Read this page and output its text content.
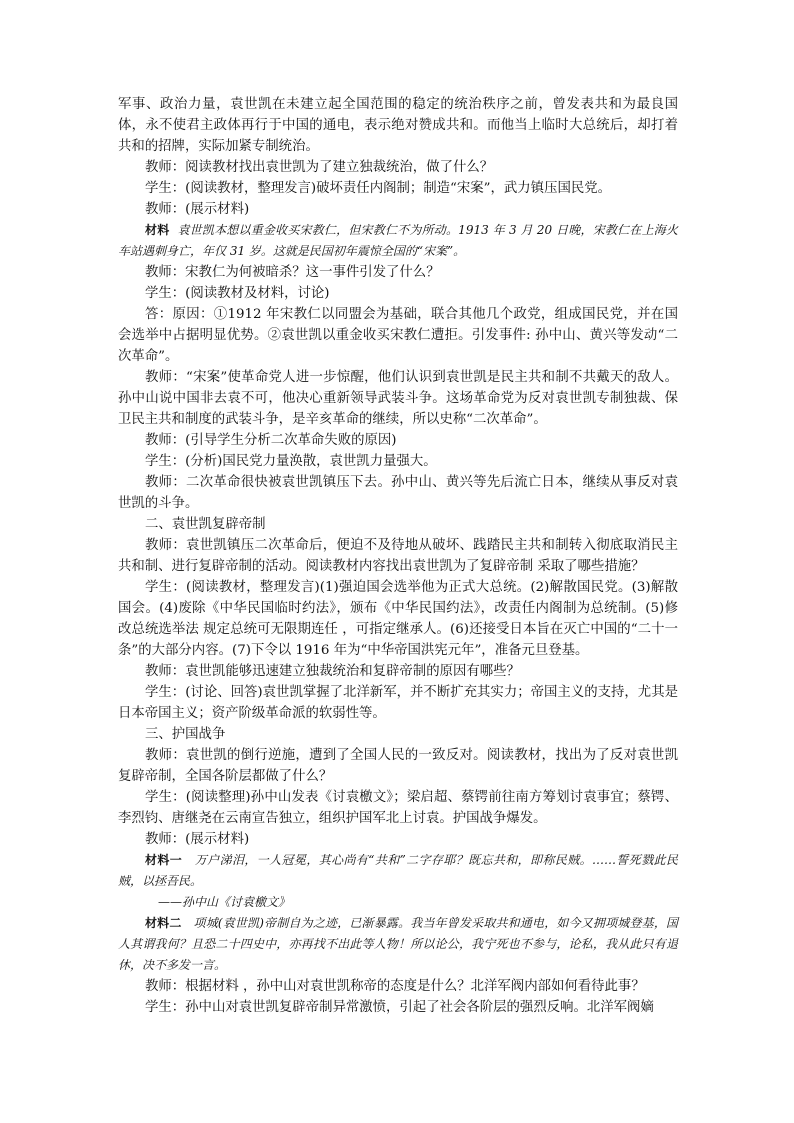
军事、政治力量，袁世凯在未建立起全国范围的稳定的统治秩序之前，曾发表共和为最良国体，永不使君主政体再行于中国的通电，表示绝对赞成共和。而他当上临时大总统后，却打着共和的招牌，实际加紧专制统治。

教师：阅读教材找出袁世凯为了建立独裁统治，做了什么？

学生：(阅读教材，整理发言)破坏责任内阁制；制造“宋案”，武力镇压国民党。

教师：(展示材料)

材料 袁世凯本想以重金收买宋教仁，但宋教仁不为所动。1913 年 3 月 20 日晚，宋教仁在上海火车站遇刺身亡，年仅 31 岁。这就是民国初年震惊全国的“宋案”。

教师：宋教仁为何被暗杀？这一事件引发了什么？

学生：(阅读教材及材料，讨论)

答：原因：①1912 年宋教仁以同盟会为基础，联合其他几个政党，组成国民党，并在国会选举中占据明显优势。②袁世凯以重金收买宋教仁遭拒。引发事件: 孙中山、黄兴等发动“二次革命”。

教师：“宋案”使革命党人进一步惊醒，他们认识到袁世凯是民主共和制不共戴天的敌人。孙中山说中国非去袁不可，他决心重新领导武装斗争。这场革命党为反对袁世凯专制独裁、保卫民主共和制度的武装斗争，是辛亥革命的继续，所以史称“二次革命”。

教师：(引导学生分析二次革命失败的原因)

学生：(分析)国民党力量涣散，袁世凯力量强大。

教师：二次革命很快被袁世凯镇压下去。孙中山、黄兴等先后流亡日本，继续从事反对袁世凯的斗争。

二、袁世凯复辟帝制

教师：袁世凯镇压二次革命后，便迫不及待地从破坏、践踏民主共和制转入彻底取消民主共和制、进行复辟帝制的活动。阅读教材内容找出袁世凯为了复辟帝制 采取了哪些措施？

学生：(阅读教材，整理发言)(1)强迫国会选举他为正式大总统。(2)解散国民党。(3)解散国会。(4)废除《中华民国临时约法》，颁布《中华民国约法》，改责任内阁制为总统制。(5)修改总统选举法 规定总统可无限期连任 ，可指定继承人。(6)还接受日本旨在灭亡中国的“二十一条”的大部分内容。(7)下令以 1916 年为“中华帝国洪宪元年”，准备元旦登基。

教师：袁世凯能够迅速建立独裁统治和复辟帝制的原因有哪些？

学生：(讨论、回答)袁世凯掌握了北洋新军，并不断扩充其实力；帝国主义的支持，尤其是日本帝国主义；资产阶级革命派的软弱性等。

三、护国战争

教师：袁世凯的倒行逆施，遭到了全国人民的一致反对。阅读教材，找出为了反对袁世凯复辟帝制，全国各阶层都做了什么？

学生：(阅读整理)孙中山发表《讨袁檄文》；梁启超、蔡锷前往南方筹划讨袁事宜；蔡锷、李烈钧、唐继尧在云南宣告独立，组织护国军北上讨袁。护国战争爆发。

教师：(展示材料)

材料一 万户涕泪，一人冠冕，其心尚有“共和”二字存耶？既忘共和，即称民贼。……誓死戮此民贼，以拯吾民。

——孙中山《讨袁檄文》

材料二 项城(袁世凯)帝制自为之迹，已渐暴露。我当年曾发采取共和通电，如今又拥项城登基，国人其谓我何？且恐二十四史中，亦再找不出此等人物！所以论公，我宁死也不参与，论私，我从此只有退休，决不多发一言。

教师：根据材料 ，孙中山对袁世凯称帝的态度是什么？北洋军阀内部如何看待此事？

学生：孙中山对袁世凯复辟帝制异常激愤，引起了社会各阶层的强烈反响。北洋军阀嫡
